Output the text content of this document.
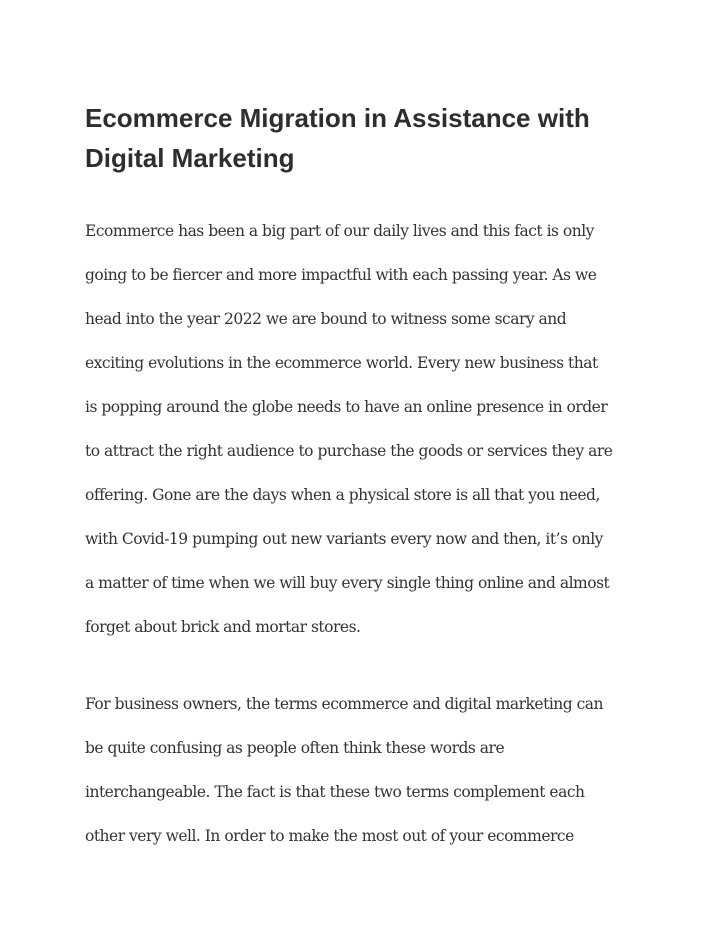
Ecommerce Migration in Assistance with
Digital Marketing

Ecommerce has been a big part of our daily lives and this fact is only
going to be fiercer and more impactful with each passing year. As we
head into the year 2022 we are bound to witness some scary and
exciting evolutions in the ecommerce world. Every new business that
is popping around the globe needs to have an online presence in order
to attract the right audience to purchase the goods or services they are
offering. Gone are the days when a physical store is all that you need,
with Covid-19 pumping out new variants every now and then, it’s only
a matter of time when we will buy every single thing online and almost
forget about brick and mortar stores.

For business owners, the terms ecommerce and digital marketing can
be quite confusing as people often think these words are
interchangeable. The fact is that these two terms complement each
other very well. In order to make the most out of your ecommerce
